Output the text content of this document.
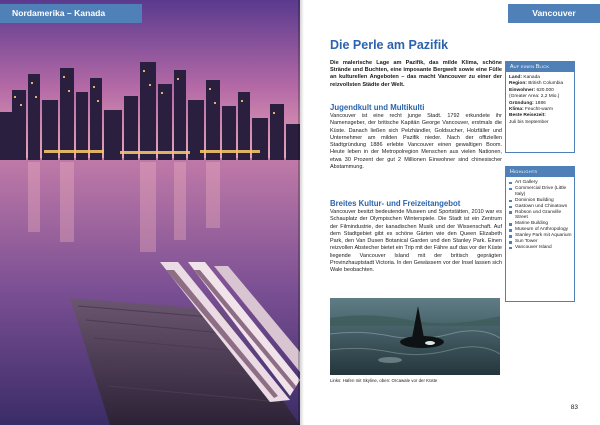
Nordamerika – Kanada	Vancouver
Die Perle am Pazifik

Die malerische Lage am Pazifik, das milde Klima, schöne Strände und Buchten, eine imposante Bergwelt sowie eine Fülle an kulturellen Angeboten – das macht Vancouver zu einer der reizvollsten Städte der Welt.

Jugendkult und Multikulti

Vancouver ist eine recht junge Stadt. 1792 erkundete ihr Namensgeber, der britische Kapitän George Vancouver, erstmals die Küste. Danach ließen sich Pelzhändler, Goldsucher, Holzfäller und Unternehmer am milden Pazifik nieder. Nach der offiziellen Stadtgründung 1886 erlebte Vancouver einen gewaltigen Boom. Heute leben in der Metropolregion Menschen aus vielen Nationen, etwa 30 Prozent der gut 2 Millionen Einwohner sind chinesischer Abstammung.

Breites Kultur- und Freizeitangebot

Vancouver besitzt bedeutende Museen und Sportstätten, 2010 war es Schauplatz der Olympischen Winterspiele. Die Stadt ist ein Zentrum der Filmindustrie, der kanadischen Musik und der Wissenschaft. Auf dem Stadtgebiet gibt es schöne Gärten wie den Queen Elizabeth Park, den Van Dusen Botanical Garden und den Stanley Park. Einen reizvollen Abstecher bietet ein Trip mit der Fähre auf das vor der Küste liegende Vancouver Island mit der britisch geprägten Provinzhauptstadt Victoria. In den Gewässern vor der Insel lassen sich Wale beobachten.

Links: Hafen mit Skyline, oben: Orcawale vor der Küste

83

Auf einen Blick
Land: Kanada
Region: British Columbia
Einwohner: 620.000
(Greater Area: 2,2 Mio.)
Gründung: 1886
Klima: Feucht-warm
Beste Reisezeit:
Juli bis September
Highlights
Art Gallery
Commercial Drive (Little Italy)
Dominion Building
Gastown und Chinatown
Robson und Granville Street
Marine Building
Museum of Anthropology
Stanley Park mit Aquarium
Sun Tower
Vancouver Island
